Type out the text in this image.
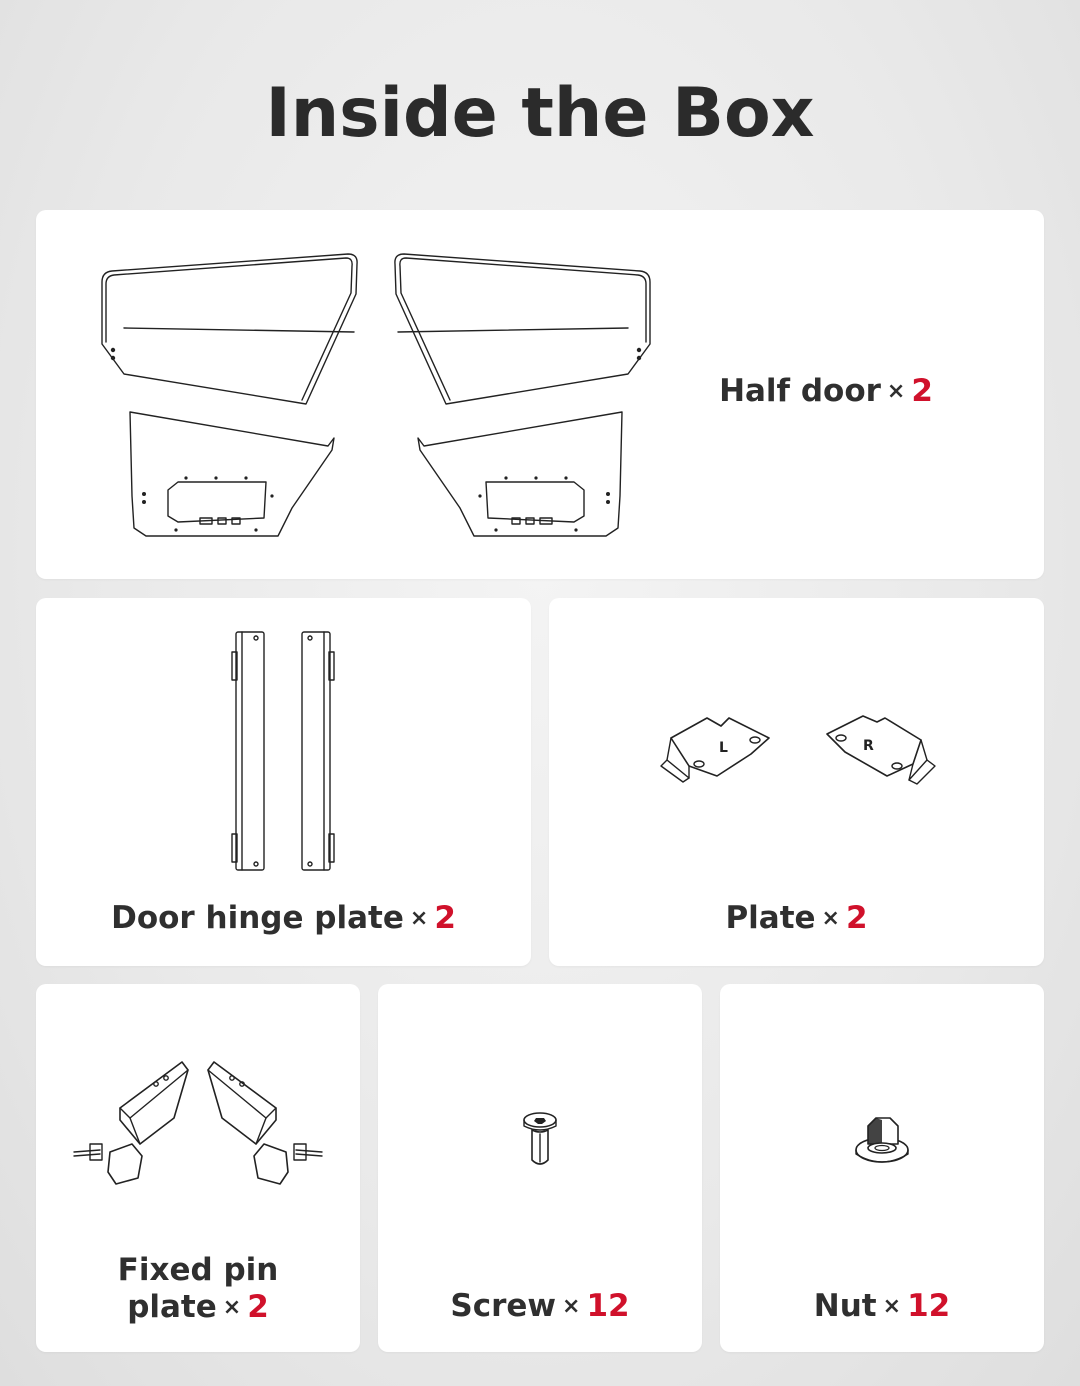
Inside the Box
Half door × 2
Door hinge plate × 2
L	R
Plate × 2
Fixed pin
plate × 2	Screw × 12	Nut × 12
